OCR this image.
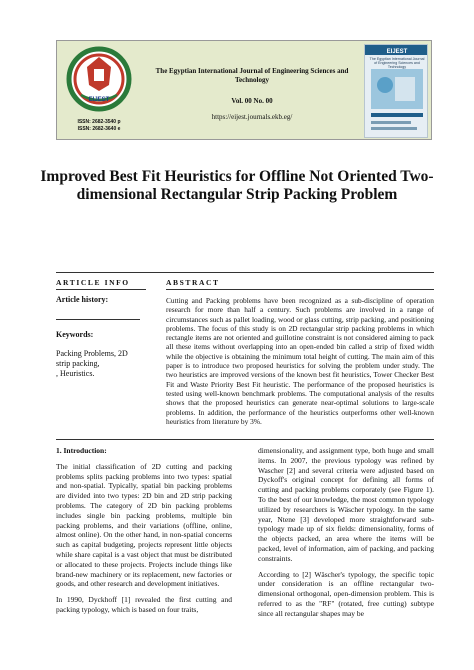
EIJEST
ISSN: 2682-3540 p
ISSN: 2682-3640 e
The Egyptian International Journal of Engineering Sciences and Technology
Vol. 00 No. 00
https://eijest.journals.ekb.eg/
EIJEST
The Egyptian International Journal of Engineering Sciences and Technology
Improved Best Fit Heuristics for Offline Not Oriented Two-dimensional Rectangular Strip Packing Problem
ARTICLE INFO	ABSTRACT
Article history:
Keywords:
Packing Problems, 2D
strip packing,
, Heuristics.
Cutting and Packing problems have been recognized as a sub-discipline of operation research for more than half a century. Such problems are involved in a range of circumstances such as pallet loading, wood or glass cutting, strip packing, and positioning problems. The focus of this study is on 2D rectangular strip packing problems in which rectangle items are not oriented and guillotine constraint is not considered aiming to pack all these items without overlapping into an open-ended bin called a strip of fixed width while the objective is obtaining the minimum total height of cutting. The main aim of this paper is to introduce two proposed heuristics for solving the problem under study. The two heuristics are improved versions of the known best fit heuristics, Tower Checker Best Fit and Waste Priority Best Fit heuristic. The performance of the proposed heuristics is tested using well-known benchmark problems. The computational analysis of the results shows that the proposed heuristics can generate near-optimal solutions to large-scale problems. In addition, the performance of the heuristics outperforms other well-known heuristics from literature by 3%.
1. Introduction:

The initial classification of 2D cutting and packing problems splits packing problems into two types: spatial and non-spatial. Typically, spatial bin packing problems are divided into two types: 2D bin and 2D strip packing problems. The category of 2D bin packing problems includes single bin packing problems, multiple bin packing problems, and their variations (offline, online, almost online). On the other hand, in non-spatial concerns such as capital budgeting, projects represent little objects while share capital is a vast object that must be distributed or allocated to these projects. Projects include things like brand-new machinery or its replacement, new factories or goods, and other research and development initiatives.

In 1990, Dyckhoff [1] revealed the first cutting and packing typology, which is based on four traits,

dimensionality, and assignment type, both huge and small items. In 2007, the previous typology was refined by Wascher [2] and several criteria were adjusted based on Dyckoff's original concept for defining all forms of cutting and packing problems corporately (see Figure 1). To the best of our knowledge, the most common typology utilized by researchers is Wäscher typology. In the same year, Ntene [3] developed more straightforward sub-typology made up of six fields: dimensionality, forms of the objects packed, an area where the items will be packed, level of information, aim of packing, and packing constraints.

According to [2] Wäscher's typology, the specific topic under consideration is an offline rectangular two-dimensional orthogonal, open-dimension problem. This is referred to as the "RF" (rotated, free cutting) subtype since all rectangular shapes may be
